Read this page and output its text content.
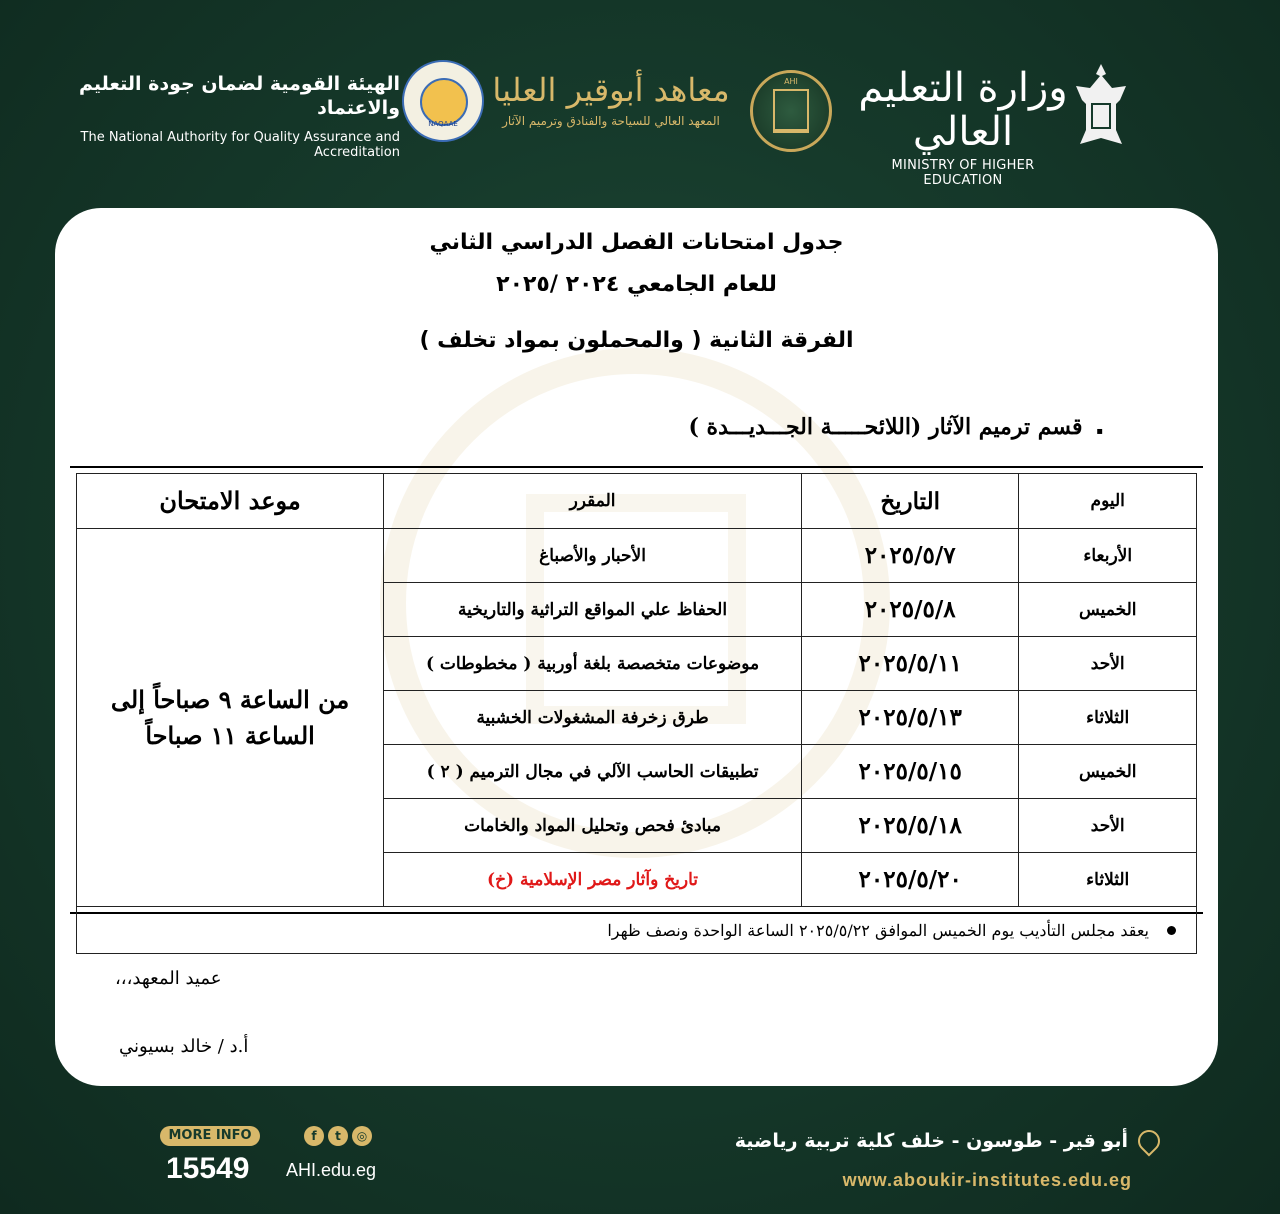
وزارة التعليم العالي
MINISTRY OF HIGHER EDUCATION
AHI
معاهد أبوقير العليا
المعهد العالي للسياحة والفنادق وترميم الآثار
NAQAAE
الهيئة القومية لضمان جودة التعليم والاعتماد
The National Authority for Quality Assurance and Accreditation
جدول امتحانات الفصل الدراسي الثاني
للعام الجامعي ٢٠٢٤ /٢٠٢٥
الفرقة الثانية ( والمحملون بمواد تخلف )
▪ قسم ترميم الآثار (اللائحـــــة الجـــديـــدة )
اليوم	التاريخ	المقرر	موعد الامتحان
الأربعاء	٢٠٢٥/٥/٧	الأحبار والأصباغ	من الساعة ٩ صباحاً إلى الساعة ١١ صباحاً
الخميس	٢٠٢٥/٥/٨	الحفاظ علي المواقع التراثية والتاريخية	
الأحد	٢٠٢٥/٥/١١	موضوعات متخصصة بلغة أوربية ( مخطوطات )	
الثلاثاء	٢٠٢٥/٥/١٣	طرق زخرفة المشغولات الخشبية	
الخميس	٢٠٢٥/٥/١٥	تطبيقات الحاسب الآلي في مجال الترميم ( ٢ )	
الأحد	٢٠٢٥/٥/١٨	مبادئ فحص وتحليل المواد والخامات	
الثلاثاء	٢٠٢٥/٥/٢٠	تاريخ وآثار مصر الإسلامية (خ)	
يعقد مجلس التأديب يوم الخميس الموافق ٢٠٢٥/٥/٢٢ الساعة الواحدة ونصف ظهرا
عميد المعهد،،،
أ.د / خالد بسيوني
MORE INFO
15549
f	t	◎
AHI.edu.eg
أبو قير - طوسون - خلف كلية تربية رياضية
www.aboukir-institutes.edu.eg
